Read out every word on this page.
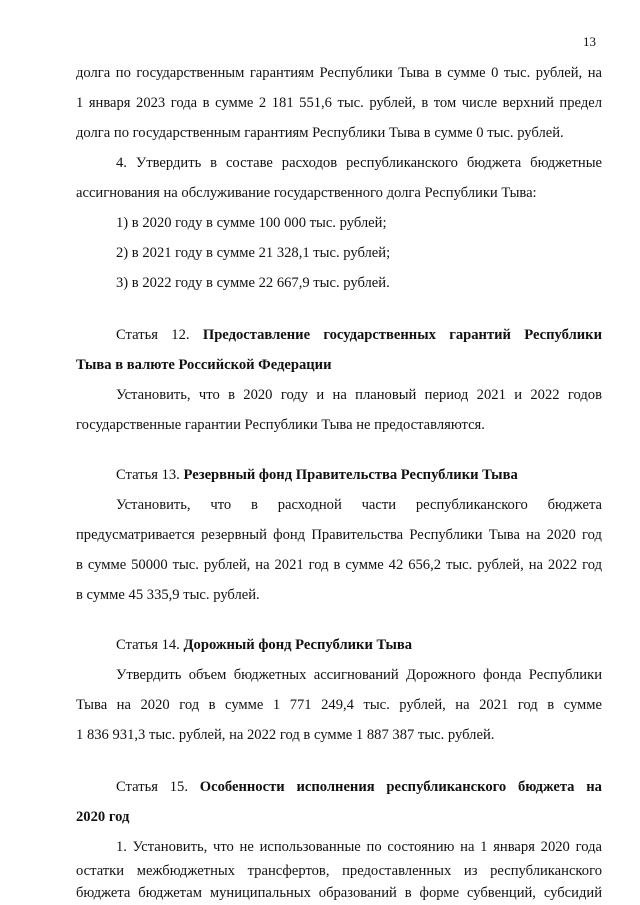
13
долга по государственным гарантиям Республики Тыва в сумме 0 тыс. рублей, на
1 января 2023 года в сумме 2 181 551,6 тыс. рублей, в том числе верхний предел
долга по государственным гарантиям Республики Тыва в сумме 0 тыс. рублей.
4. Утвердить в составе расходов республиканского бюджета бюджетные
ассигнования на обслуживание государственного долга Республики Тыва:
1) в 2020 году в сумме 100 000 тыс. рублей;
2) в 2021 году в сумме 21 328,1 тыс. рублей;
3) в 2022 году в сумме 22 667,9 тыс. рублей.
Статья 12. Предоставление государственных гарантий Республики
Тыва в валюте Российской Федерации
Установить, что в 2020 году и на плановый период 2021 и 2022 годов
государственные гарантии Республики Тыва не предоставляются.
Статья 13. Резервный фонд Правительства Республики Тыва
Установить, что в расходной части республиканского бюджета
предусматривается резервный фонд Правительства Республики Тыва на 2020 год
в сумме 50000 тыс. рублей, на 2021 год в сумме 42 656,2 тыс. рублей, на 2022 год
в сумме 45 335,9 тыс. рублей.
Статья 14. Дорожный фонд Республики Тыва
Утвердить объем бюджетных ассигнований Дорожного фонда Республики
Тыва на 2020 год в сумме 1 771 249,4 тыс. рублей, на 2021 год в сумме
1 836 931,3 тыс. рублей, на 2022 год в сумме 1 887 387 тыс. рублей.
Статья 15. Особенности исполнения республиканского бюджета на
2020 год
1. Установить, что не использованные по состоянию на 1 января 2020 года
остатки межбюджетных трансфертов, предоставленных из республиканского
бюджета бюджетам муниципальных образований в форме субвенций, субсидий
